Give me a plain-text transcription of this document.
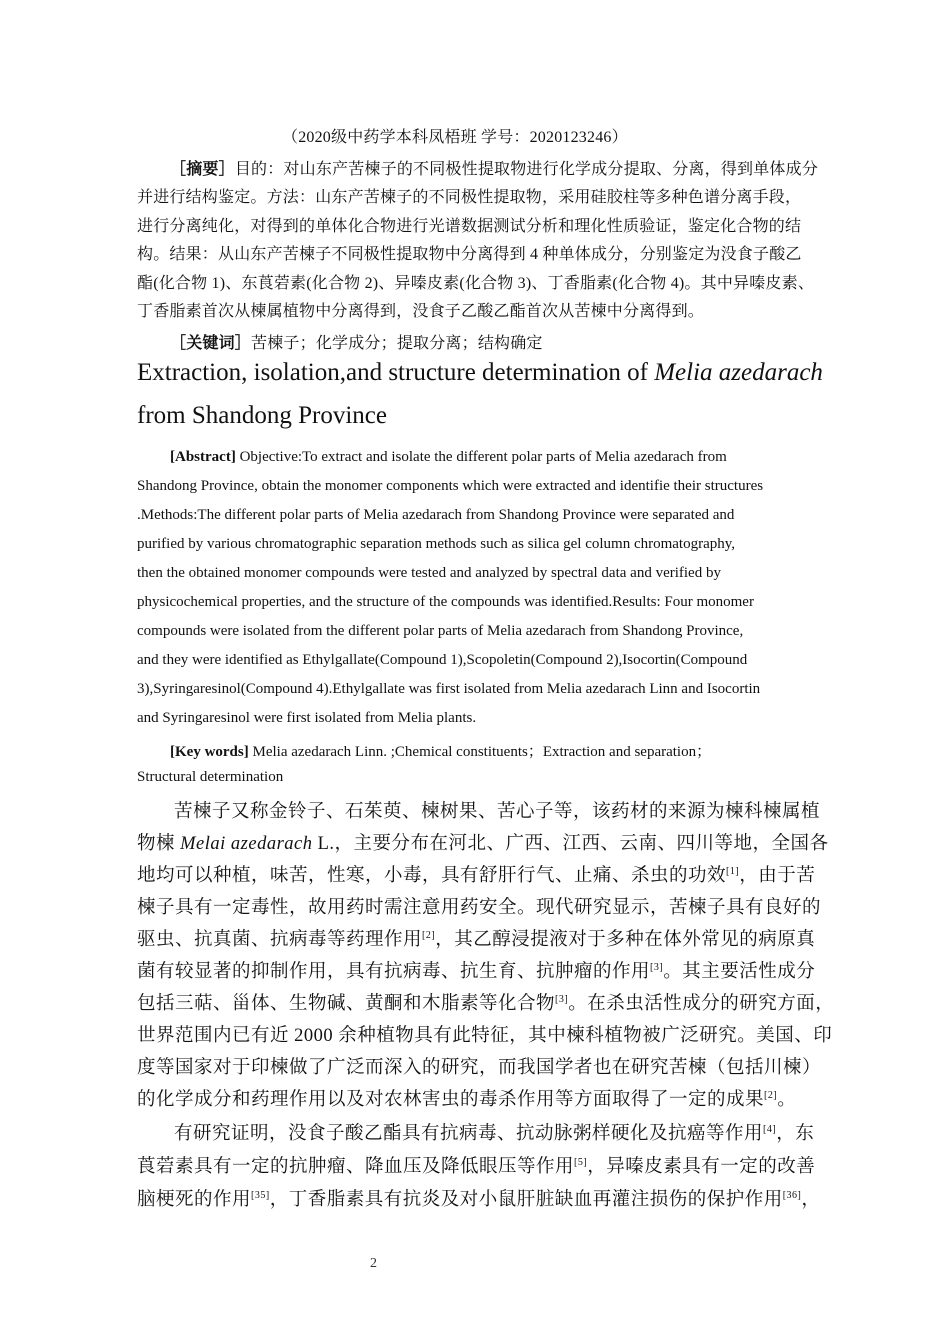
（2020级中药学本科凤梧班 学号：2020123246）
［摘要］目的：对山东产苦楝子的不同极性提取物进行化学成分提取、分离，得到单体成分
并进行结构鉴定。方法：山东产苦楝子的不同极性提取物，采用硅胶柱等多种色谱分离手段，
进行分离纯化，对得到的单体化合物进行光谱数据测试分析和理化性质验证，鉴定化合物的结
构。结果：从山东产苦楝子不同极性提取物中分离得到 4 种单体成分，分别鉴定为没食子酸乙
酯(化合物 1)、东莨菪素(化合物 2)、异嗪皮素(化合物 3)、丁香脂素(化合物 4)。其中异嗪皮素、
丁香脂素首次从楝属植物中分离得到，没食子乙酸乙酯首次从苦楝中分离得到。
［关键词］苦楝子；化学成分；提取分离；结构确定
Extraction, isolation,and structure determination of Melia azedarach
from Shandong Province
[Abstract] Objective:To extract and isolate the different polar parts of Melia azedarach from
Shandong Province, obtain the monomer components which were extracted and identifie their structures
.Methods:The different polar parts of Melia azedarach from Shandong Province were separated and
purified by various chromatographic separation methods such as silica gel column chromatography,
then the obtained monomer compounds were tested and analyzed by spectral data and verified by
physicochemical properties, and the structure of the compounds was identified.Results: Four monomer
compounds were isolated from the different polar parts of Melia azedarach from Shandong Province,
and they were identified as Ethylgallate(Compound 1),Scopoletin(Compound 2),Isocortin(Compound
3),Syringaresinol(Compound 4).Ethylgallate was first isolated from Melia azedarach Linn and Isocortin
and Syringaresinol were first isolated from Melia plants.
[Key words] Melia azedarach Linn. ;Chemical constituents；Extraction and separation；
Structural determination
苦楝子又称金铃子、石茱萸、楝树果、苦心子等，该药材的来源为楝科楝属植
物楝 Melai azedarach L.，主要分布在河北、广西、江西、云南、四川等地，全国各
地均可以种植，味苦，性寒，小毒，具有舒肝行气、止痛、杀虫的功效[1]，由于苦
楝子具有一定毒性，故用药时需注意用药安全。现代研究显示，苦楝子具有良好的
驱虫、抗真菌、抗病毒等药理作用[2]，其乙醇浸提液对于多种在体外常见的病原真
菌有较显著的抑制作用，具有抗病毒、抗生育、抗肿瘤的作用[3]。其主要活性成分
包括三萜、甾体、生物碱、黄酮和木脂素等化合物[3]。在杀虫活性成分的研究方面，
世界范围内已有近 2000 余种植物具有此特征，其中楝科植物被广泛研究。美国、印
度等国家对于印楝做了广泛而深入的研究，而我国学者也在研究苦楝（包括川楝）
的化学成分和药理作用以及对农林害虫的毒杀作用等方面取得了一定的成果[2]。
有研究证明，没食子酸乙酯具有抗病毒、抗动脉粥样硬化及抗癌等作用[4]，东
莨菪素具有一定的抗肿瘤、降血压及降低眼压等作用[5]，异嗪皮素具有一定的改善
脑梗死的作用[35]，丁香脂素具有抗炎及对小鼠肝脏缺血再灌注损伤的保护作用[36]，
2
